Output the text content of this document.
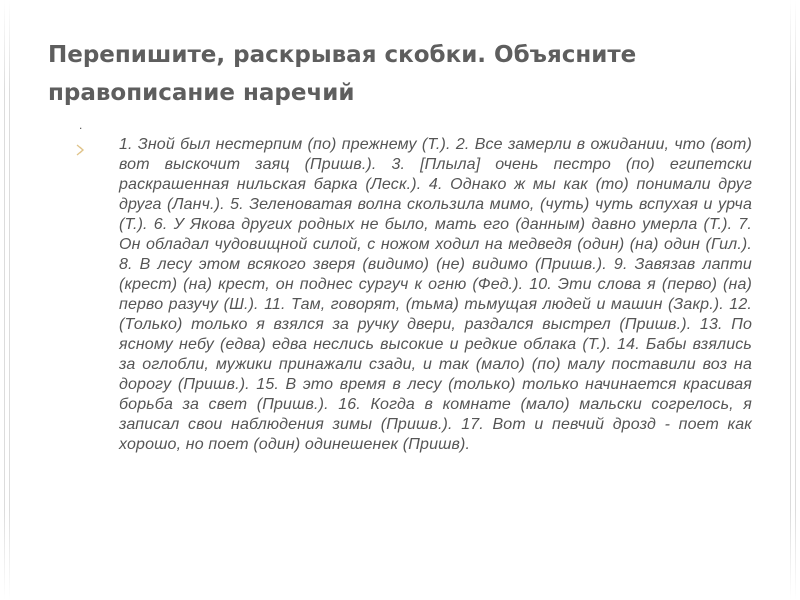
Перепишите, раскрывая скобки. Объясните правописание наречий
.
1. Зной был нестерпим (по) прежнему (Т.). 2. Все замерли в ожидании, что (вот) вот выскочит заяц (Пришв.). 3. [Плыла] очень пестро (по) египетски раскрашенная нильская барка (Леск.). 4. Однако ж мы как (то) понимали друг друга (Ланч.). 5. Зеленоватая волна скользила мимо, (чуть) чуть вспухая и урча (Т.). 6. У Якова других родных не было, мать его (данным) давно умерла (Т.). 7. Он обладал чудовищной силой, с ножом ходил на медведя (один) (на) один (Гил.). 8. В лесу этом всякого зверя (видимо) (не) видимо (Пришв.). 9. Завязав лапти (крест) (на) крест, он поднес сургуч к огню (Фед.). 10. Эти слова я (перво) (на) перво разучу (Ш.). 11. Там, говорят, (тьма) тьмущая людей и машин (Закр.). 12. (Только) только я взялся за ручку двери, раздался выстрел (Пришв.). 13. По ясному небу (едва) едва неслись высокие и редкие облака (Т.). 14. Бабы взялись за оглобли, мужики принажали сзади, и так (мало) (по) малу поставили воз на дорогу (Пришв.). 15. В это время в лесу (только) только начинается красивая борьба за свет (Пришв.). 16. Когда в комнате (мало) мальски согрелось, я записал свои наблюдения зимы (Пришв.). 17. Вот и певчий дрозд - поет как хорошо, но поет (один) одинешенек (Пришв).
